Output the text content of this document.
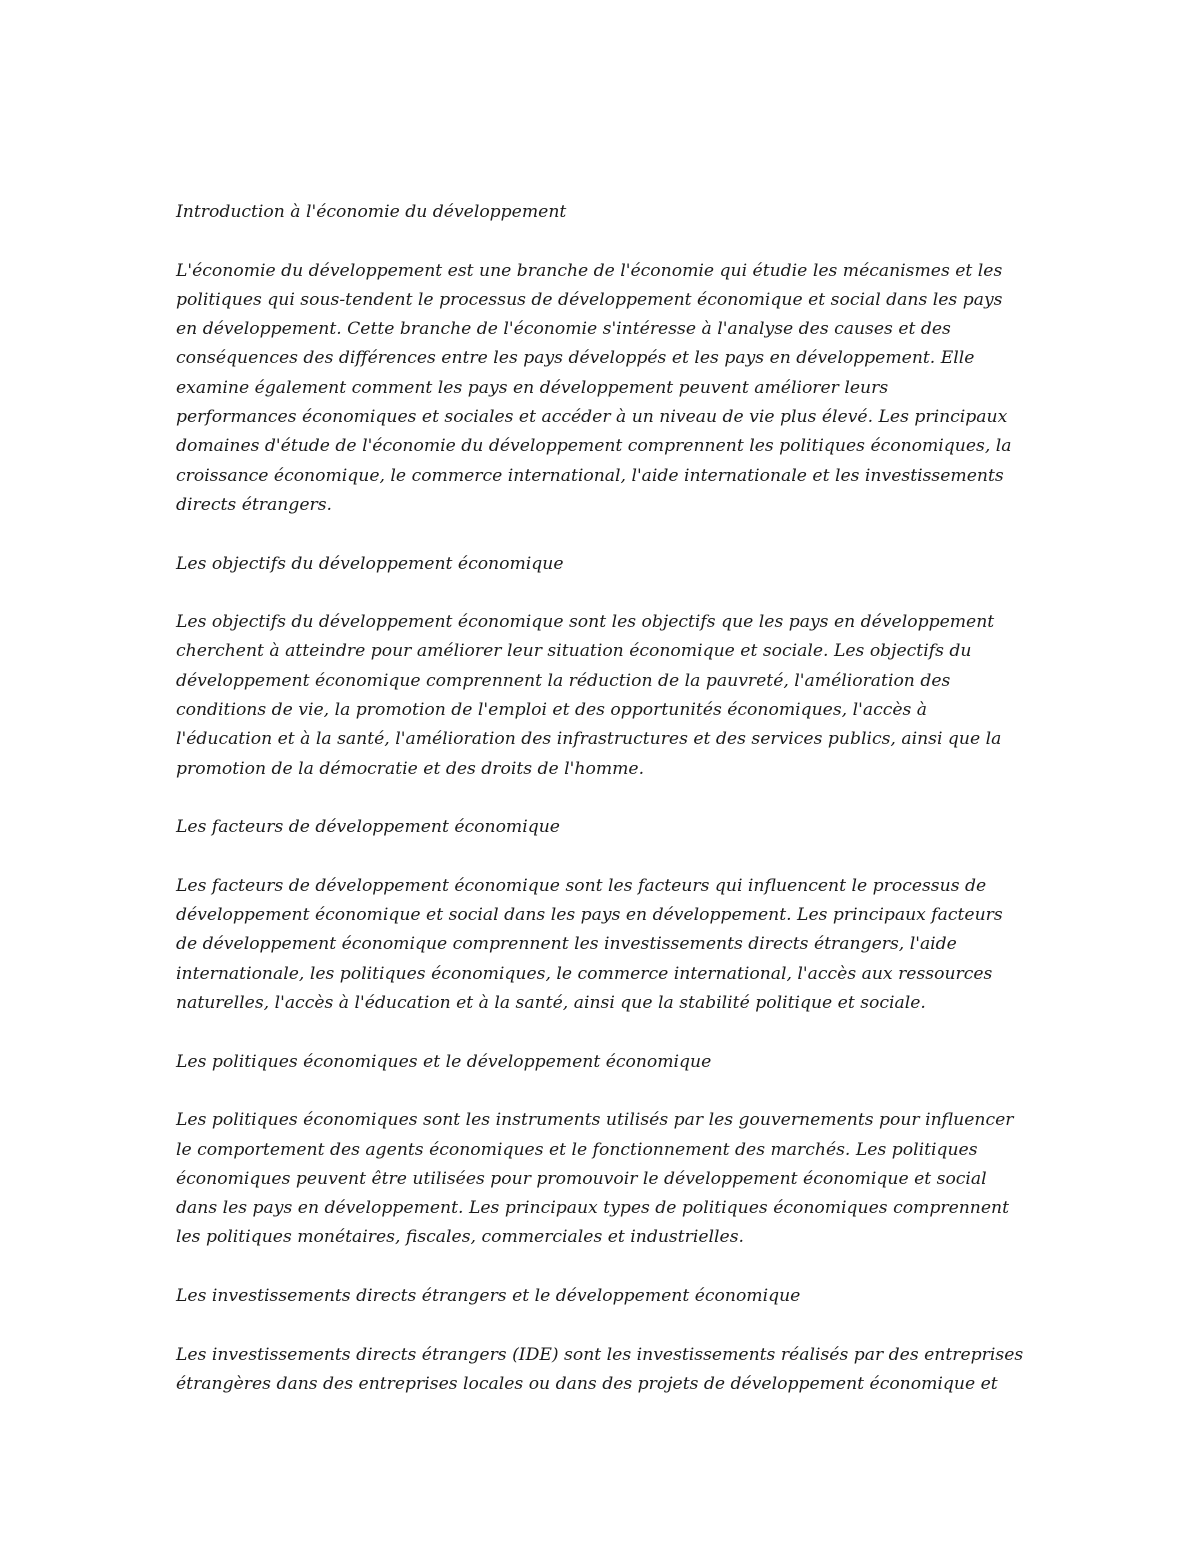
Introduction à l'économie du développement

L'économie du développement est une branche de l'économie qui étudie les mécanismes et les
politiques qui sous-tendent le processus de développement économique et social dans les pays
en développement. Cette branche de l'économie s'intéresse à l'analyse des causes et des
conséquences des différences entre les pays développés et les pays en développement. Elle
examine également comment les pays en développement peuvent améliorer leurs
performances économiques et sociales et accéder à un niveau de vie plus élevé. Les principaux
domaines d'étude de l'économie du développement comprennent les politiques économiques, la
croissance économique, le commerce international, l'aide internationale et les investissements
directs étrangers.

Les objectifs du développement économique

Les objectifs du développement économique sont les objectifs que les pays en développement
cherchent à atteindre pour améliorer leur situation économique et sociale. Les objectifs du
développement économique comprennent la réduction de la pauvreté, l'amélioration des
conditions de vie, la promotion de l'emploi et des opportunités économiques, l'accès à
l'éducation et à la santé, l'amélioration des infrastructures et des services publics, ainsi que la
promotion de la démocratie et des droits de l'homme.

Les facteurs de développement économique

Les facteurs de développement économique sont les facteurs qui influencent le processus de
développement économique et social dans les pays en développement. Les principaux facteurs
de développement économique comprennent les investissements directs étrangers, l'aide
internationale, les politiques économiques, le commerce international, l'accès aux ressources
naturelles, l'accès à l'éducation et à la santé, ainsi que la stabilité politique et sociale.

Les politiques économiques et le développement économique

Les politiques économiques sont les instruments utilisés par les gouvernements pour influencer
le comportement des agents économiques et le fonctionnement des marchés. Les politiques
économiques peuvent être utilisées pour promouvoir le développement économique et social
dans les pays en développement. Les principaux types de politiques économiques comprennent
les politiques monétaires, fiscales, commerciales et industrielles.

Les investissements directs étrangers et le développement économique

Les investissements directs étrangers (IDE) sont les investissements réalisés par des entreprises
étrangères dans des entreprises locales ou dans des projets de développement économique et
